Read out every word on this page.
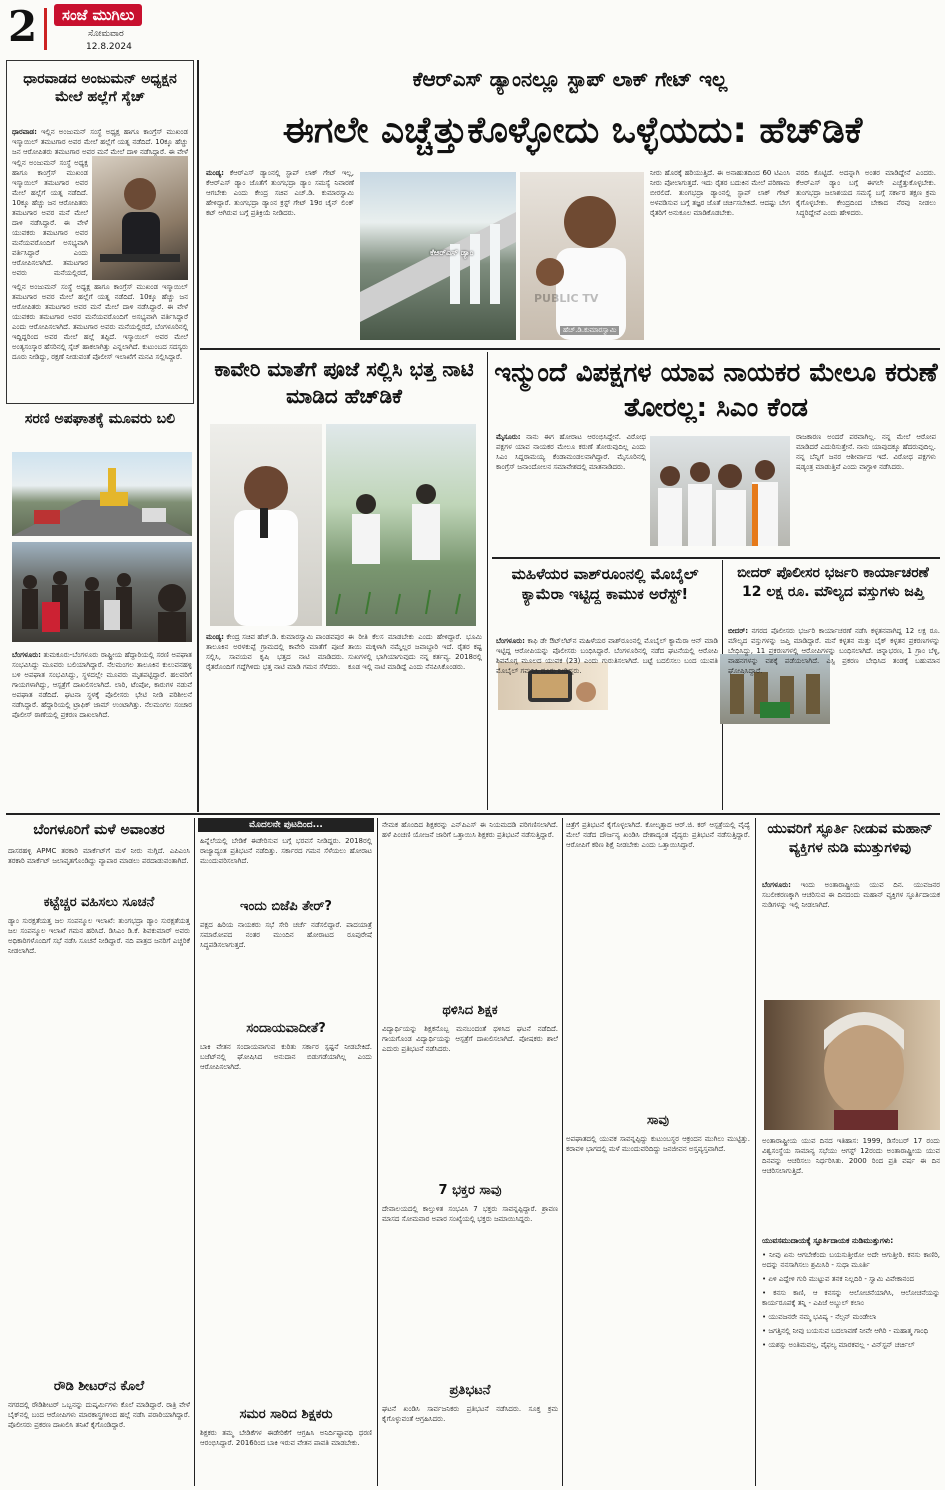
2	ಸಂಜೆ ಮುಗಿಲು
ಸೋಮವಾರ
12.8.2024
ಧಾರವಾಡದ ಅಂಜುಮನ್ ಅಧ್ಯಕ್ಷನ ಮೇಲೆ ಹಲ್ಲೆಗೆ ಸ್ಕೆಚ್
ಧಾರವಾಡ: ಇಲ್ಲಿನ ಅಂಜುಮನ್ ಸಂಸ್ಥೆ ಅಧ್ಯಕ್ಷ ಹಾಗೂ ಕಾಂಗ್ರೆಸ್ ಮುಖಂಡ ಇಸ್ಮಾಯಿಲ್ ತಮಟಗಾರ ಅವರ ಮೇಲೆ ಹಲ್ಲೆಗೆ ಯತ್ನ ನಡೆದಿದೆ. 10ಕ್ಕೂ ಹೆಚ್ಚು ಜನ ಆರೋಪಿತರು ತಮಟಗಾರ ಅವರ ಮನೆ ಮೇಲೆ ದಾಳಿ ನಡೆಸಿದ್ದಾರೆ. ಈ ವೇಳೆ
ಇಲ್ಲಿನ ಅಂಜುಮನ್ ಸಂಸ್ಥೆ ಅಧ್ಯಕ್ಷ ಹಾಗೂ ಕಾಂಗ್ರೆಸ್ ಮುಖಂಡ ಇಸ್ಮಾಯಿಲ್ ತಮಟಗಾರ ಅವರ ಮೇಲೆ ಹಲ್ಲೆಗೆ ಯತ್ನ ನಡೆದಿದೆ. 10ಕ್ಕೂ ಹೆಚ್ಚು ಜನ ಆರೋಪಿತರು ತಮಟಗಾರ ಅವರ ಮನೆ ಮೇಲೆ ದಾಳಿ ನಡೆಸಿದ್ದಾರೆ. ಈ ವೇಳೆ ಯುವಕರು ತಮಟಗಾರ ಅವರ ಮನೆಯವರೊಂದಿಗೆ ಅಸಭ್ಯವಾಗಿ ವರ್ತಿಸಿದ್ದಾರೆ ಎಂದು ಆರೋಪಿಸಲಾಗಿದೆ. ತಮಟಗಾರ ಅವರು ಮನೆಯಲ್ಲಿರದೆ,
ಇಲ್ಲಿನ ಅಂಜುಮನ್ ಸಂಸ್ಥೆ ಅಧ್ಯಕ್ಷ ಹಾಗೂ ಕಾಂಗ್ರೆಸ್ ಮುಖಂಡ ಇಸ್ಮಾಯಿಲ್ ತಮಟಗಾರ ಅವರ ಮೇಲೆ ಹಲ್ಲೆಗೆ ಯತ್ನ ನಡೆದಿದೆ. 10ಕ್ಕೂ ಹೆಚ್ಚು ಜನ ಆರೋಪಿತರು ತಮಟಗಾರ ಅವರ ಮನೆ ಮೇಲೆ ದಾಳಿ ನಡೆಸಿದ್ದಾರೆ. ಈ ವೇಳೆ ಯುವಕರು ತಮಟಗಾರ ಅವರ ಮನೆಯವರೊಂದಿಗೆ ಅಸಭ್ಯವಾಗಿ ವರ್ತಿಸಿದ್ದಾರೆ ಎಂದು ಆರೋಪಿಸಲಾಗಿದೆ. ತಮಟಗಾರ ಅವರು ಮನೆಯಲ್ಲಿರದೆ, ಬೆಂಗಳೂರಿನಲ್ಲಿ ಇದ್ದಿದ್ದರಿಂದ ಅವರ ಮೇಲೆ ಹಲ್ಲೆ ತಪ್ಪಿದೆ. ಇಸ್ಮಾಯಿಲ್ ಅವರ ಮೇಲೆ ಅಂತ್ಯಸಂಸ್ಕಾರ ಹೆಸರಿನಲ್ಲಿ ಸ್ಕೆಚ್ ಹಾಕಲಾಗಿತ್ತು ಎನ್ನಲಾಗಿದೆ. ಕುಟುಂಬದ ಸದಸ್ಯರು ದೂರು ನೀಡಿದ್ದು, ರಕ್ಷಣೆ ನೀಡುವಂತೆ ಪೊಲೀಸ್ ಇಲಾಖೆಗೆ ಮನವಿ ಸಲ್ಲಿಸಿದ್ದಾರೆ.
ಸರಣಿ ಅಪಘಾತಕ್ಕೆ ಮೂವರು ಬಲಿ
ಬೆಂಗಳೂರು: ತುಮಕೂರು-ಬೆಂಗಳೂರು ರಾಷ್ಟ್ರೀಯ ಹೆದ್ದಾರಿಯಲ್ಲಿ ಸರಣಿ ಅಪಘಾತ ಸಂಭವಿಸಿದ್ದು ಮೂವರು ಬಲಿಯಾಗಿದ್ದಾರೆ. ನೆಲಮಂಗಲ ತಾಲೂಕಿನ ಕುಲುವನಹಳ್ಳಿ ಬಳಿ ಅಪಘಾತ ಸಂಭವಿಸಿದ್ದು, ಸ್ಥಳದಲ್ಲೇ ಮೂವರು ಮೃತಪಟ್ಟಿದ್ದಾರೆ. ಹಲವರಿಗೆ ಗಾಯಗಳಾಗಿದ್ದು, ಆಸ್ಪತ್ರೆಗೆ ದಾಖಲಿಸಲಾಗಿದೆ. ಲಾರಿ, ಟೆಂಪೋ, ಕಾರುಗಳ ನಡುವೆ ಅಪಘಾತ ನಡೆದಿದೆ. ಘಟನಾ ಸ್ಥಳಕ್ಕೆ ಪೊಲೀಸರು ಭೇಟಿ ನೀಡಿ ಪರಿಶೀಲನೆ ನಡೆಸಿದ್ದಾರೆ. ಹೆದ್ದಾರಿಯಲ್ಲಿ ಟ್ರಾಫಿಕ್ ಜಾಮ್ ಉಂಟಾಗಿತ್ತು. ನೆಲಮಂಗಲ ಸಂಚಾರ ಪೊಲೀಸ್ ಠಾಣೆಯಲ್ಲಿ ಪ್ರಕರಣ ದಾಖಲಾಗಿದೆ.
ಕೆಆರ್‌ಎಸ್ ಡ್ಯಾಂನಲ್ಲೂ ಸ್ಟಾಪ್ ಲಾಕ್ ಗೇಟ್ ಇಲ್ಲ
ಈಗಲೇ ಎಚ್ಚೆತ್ತುಕೊಳ್ಳೋದು ಒಳ್ಳೆಯದು: ಹೆಚ್‌ಡಿಕೆ
ಮಂಡ್ಯ: ಕೆಆರ್‌ಎಸ್ ಡ್ಯಾಂನಲ್ಲಿ ಸ್ಟಾಪ್ ಲಾಕ್ ಗೇಟ್ ಇಲ್ಲ, ಕೆಆರ್‌ಎಸ್ ಡ್ಯಾಂ ಜೊತೆಗೆ ತುಂಗಭದ್ರಾ ಡ್ಯಾಂ ಸಮಸ್ಯೆ ನಿವಾರಣೆ ಆಗಬೇಕು ಎಂದು ಕೇಂದ್ರ ಸಚಿವ ಎಚ್.ಡಿ. ಕುಮಾರಸ್ವಾಮಿ ಹೇಳಿದ್ದಾರೆ. ತುಂಗಭದ್ರಾ ಡ್ಯಾಂನ ಕ್ರಸ್ಟ್ ಗೇಟ್ 19ರ ಚೈನ್ ಲಿಂಕ್ ಕಟ್ ಆಗಿರುವ ಬಗ್ಗೆ ಪ್ರತಿಕ್ರಿಯೆ ನೀಡಿದರು.
ಕೆಆರ್‌ಎಸ್ ಡ್ಯಾಂ
PUBLIC TV
ಹೆಚ್.ಡಿ.ಕುಮಾರಸ್ವಾಮಿ
ನೀರು ಹೊರಕ್ಕೆ ಹರಿಯುತ್ತಿದೆ. ಈ ಅನಾಹುತದಿಂದ 60 ಟಿಎಂಸಿ ನೀರು ಪೋಲಾಗುತ್ತದೆ. ಇದು ರೈತರ ಬದುಕಿನ ಮೇಲೆ ಪರಿಣಾಮ ಬೀರಲಿದೆ. ತುಂಗಭದ್ರಾ ಡ್ಯಾಂನಲ್ಲಿ ಸ್ಟಾಪ್ ಲಾಕ್ ಗೇಟ್ ಅಳವಡಿಸುವ ಬಗ್ಗೆ ತಜ್ಞರ ಜೊತೆ ಚರ್ಚಿಸಬೇಕಿದೆ. ಆದಷ್ಟು ಬೇಗ ರೈತರಿಗೆ ಅನುಕೂಲ ಮಾಡಿಕೊಡಬೇಕು.
ವರದಿ ಕೊಟ್ಟಿದೆ. ಅದನ್ನಾಗಿ ಅಂತರ ಮಾಡಿದ್ದೇನೆ ಎಂದರು. ಕೆಆರ್‌ಎಸ್ ಡ್ಯಾಂ ಬಗ್ಗೆ ಈಗಲೇ ಎಚ್ಚೆತ್ತುಕೊಳ್ಳಬೇಕು. ತುಂಗಭದ್ರಾ ಜಲಾಶಯದ ಸಮಸ್ಯೆ ಬಗ್ಗೆ ಸರ್ಕಾರ ತಕ್ಷಣ ಕ್ರಮ ಕೈಗೊಳ್ಳಬೇಕು. ಕೇಂದ್ರದಿಂದ ಬೇಕಾದ ನೆರವು ನೀಡಲು ಸಿದ್ಧರಿದ್ದೇವೆ ಎಂದು ಹೇಳಿದರು.
ಕಾವೇರಿ ಮಾತೆಗೆ ಪೂಜೆ ಸಲ್ಲಿಸಿ ಭತ್ತ ನಾಟಿ ಮಾಡಿದ ಹೆಚ್‌ಡಿಕೆ
ಮಂಡ್ಯ: ಕೇಂದ್ರ ಸಚಿವ ಹೆಚ್.ಡಿ. ಕುಮಾರಸ್ವಾಮಿ ಪಾಂಡವಪುರ ತಾಲೂಕಿನ ಅರಳಕುಪ್ಪೆ ಗ್ರಾಮದಲ್ಲಿ ಕಾವೇರಿ ಮಾತೆಗೆ ಪೂಜೆ ಸಲ್ಲಿಸಿ, ಸಾವಯವ ಕೃಷಿ ಭತ್ತದ ನಾಟಿ ಮಾಡಿದರು. ರೈತರೊಂದಿಗೆ ಗದ್ದೆಗಿಳಿದು ಭತ್ತ ನಾಟಿ ಮಾಡಿ ಗಮನ ಸೆಳೆದರು.
ಈ ರೀತಿ ಕೆಲಸ ಮಾಡಬೇಕು ಎಂದು ಹೇಳಿದ್ದಾರೆ. ಭೂಮಿ ತಾಯಿ ಮಕ್ಕಳಾಗಿ ನಮ್ಮೆಲ್ಲರ ಜವಾಬ್ದಾರಿ ಇದೆ. ರೈತರ ಕಷ್ಟ ಸುಖಗಳಲ್ಲಿ ಭಾಗಿಯಾಗುವುದು ನನ್ನ ಕರ್ತವ್ಯ. 2018ರಲ್ಲಿ ಕೂಡ ಇಲ್ಲಿ ನಾಟಿ ಮಾಡಿದ್ದೆ ಎಂದು ನೆನಪಿಸಿಕೊಂಡರು.
ಇನ್ಮುಂದೆ ವಿಪಕ್ಷಗಳ ಯಾವ ನಾಯಕರ ಮೇಲೂ ಕರುಣೆ ತೋರಲ್ಲ: ಸಿಎಂ ಕೆಂಡ
ಮೈಸೂರು: ನಾನು ಈಗ ಹೋರಾಟ ಆರಂಭಿಸಿದ್ದೇನೆ. ವಿರೋಧ ಪಕ್ಷಗಳ ಯಾವ ನಾಯಕರ ಮೇಲೂ ಕರುಣೆ ತೋರುವುದಿಲ್ಲ ಎಂದು ಸಿಎಂ ಸಿದ್ದರಾಮಯ್ಯ ಕೆಂಡಾಮಂಡಲವಾಗಿದ್ದಾರೆ. ಮೈಸೂರಿನಲ್ಲಿ ಕಾಂಗ್ರೆಸ್ ಜನಾಂದೋಲನ ಸಮಾವೇಶದಲ್ಲಿ ಮಾತನಾಡಿದರು.
ರಾಜಕಾರಣ ಅಂದರೆ ಪರವಾಗಿಲ್ಲ. ನನ್ನ ಮೇಲೆ ಆರೋಪ ಮಾಡಿದರೆ ಎದುರಿಸುತ್ತೇನೆ. ನಾನು ಯಾವುದಕ್ಕೂ ಹೆದರುವುದಿಲ್ಲ. ನನ್ನ ಬೆನ್ನಿಗೆ ಜನರ ಆಶೀರ್ವಾದ ಇದೆ. ವಿರೋಧ ಪಕ್ಷಗಳು ಷಡ್ಯಂತ್ರ ಮಾಡುತ್ತಿವೆ ಎಂದು ವಾಗ್ದಾಳಿ ನಡೆಸಿದರು.
ಮಹಿಳೆಯರ ವಾಶ್‌ರೂಂನಲ್ಲಿ ಮೊಬೈಲ್ ಕ್ಯಾಮೆರಾ ಇಟ್ಟಿದ್ದ ಕಾಮುಕ ಅರೆಸ್ಟ್!
ಬೆಂಗಳೂರು: ಕಾಫಿ ಡೇ ಔಟ್‌ಲೆಟ್‌ನ ಮಹಿಳೆಯರ ವಾಶ್‌ರೂಂನಲ್ಲಿ ಮೊಬೈಲ್ ಕ್ಯಾಮೆರಾ ಆನ್ ಮಾಡಿ ಇಟ್ಟಿದ್ದ ಆರೋಪಿಯನ್ನು ಪೊಲೀಸರು ಬಂಧಿಸಿದ್ದಾರೆ. ಬೆಂಗಳೂರಿನಲ್ಲಿ ನಡೆದ ಘಟನೆಯಲ್ಲಿ ಆರೋಪಿ ಶಿವಮೊಗ್ಗ ಮೂಲದ ಯುವಕ (23) ಎಂದು ಗುರುತಿಸಲಾಗಿದೆ. ಬಟ್ಟೆ ಬದಲಿಸಲು ಬಂದ ಯುವತಿ ಮೊಬೈಲ್ ಗಮನಿಸಿ ದೂರು ನೀಡಿದ್ದರು.
ಬೀದರ್ ಪೊಲೀಸರ ಭರ್ಜರಿ ಕಾರ್ಯಾಚರಣೆ 12 ಲಕ್ಷ ರೂ. ಮೌಲ್ಯದ ವಸ್ತುಗಳು ಜಪ್ತಿ
ಬೀದರ್: ನಗರದ ಪೊಲೀಸರು ಭರ್ಜರಿ ಕಾರ್ಯಾಚರಣೆ ನಡೆಸಿ ಕಳ್ಳತನವಾಗಿದ್ದ 12 ಲಕ್ಷ ರೂ. ಮೌಲ್ಯದ ವಸ್ತುಗಳನ್ನು ಜಪ್ತಿ ಮಾಡಿದ್ದಾರೆ. ಮನೆ ಕಳ್ಳತನ ಮತ್ತು ಬೈಕ್ ಕಳ್ಳತನ ಪ್ರಕರಣಗಳನ್ನು ಬೇಧಿಸಿದ್ದು, 11 ಪ್ರಕರಣಗಳಲ್ಲಿ ಆರೋಪಿಗಳನ್ನು ಬಂಧಿಸಲಾಗಿದೆ. ಚಿನ್ನಾಭರಣ, 1 ಗ್ರಾಂ ಬೆಳ್ಳಿ, ವಾಹನಗಳನ್ನು ವಶಕ್ಕೆ ಪಡೆಯಲಾಗಿದೆ. ಎಸ್ಪಿ ಪ್ರಕರಣ ಬೇಧಿಸಿದ ತಂಡಕ್ಕೆ ಬಹುಮಾನ ಘೋಷಿಸಿದ್ದಾರೆ.
ಬೆಂಗಳೂರಿಗೆ ಮಳೆ ಅವಾಂತರ
ದಾಸರಹಳ್ಳಿ APMC ತರಕಾರಿ ಮಾರ್ಕೆಟ್‌ಗೆ ಮಳೆ ನೀರು ನುಗ್ಗಿದೆ. ಎಪಿಎಂಸಿ ತರಕಾರಿ ಮಾರ್ಕೆಟ್ ಜಲಾವೃತಗೊಂಡಿದ್ದು ವ್ಯಾಪಾರ ಮಾಡಲು ಪರದಾಡುವಂತಾಗಿದೆ.
ಕಟ್ಟೆಚ್ಚರ ವಹಿಸಲು ಸೂಚನೆ
ಡ್ಯಾಂ ಸುರಕ್ಷತೆಯತ್ತ ಜಲ ಸಂಪನ್ಮೂಲ ಇಲಾಖೆ: ತುಂಗಭದ್ರಾ ಡ್ಯಾಂ ಸುರಕ್ಷತೆಯತ್ತ ಜಲ ಸಂಪನ್ಮೂಲ ಇಲಾಖೆ ಗಮನ ಹರಿಸಿದೆ. ಡಿಸಿಎಂ ಡಿ.ಕೆ. ಶಿವಕುಮಾರ್ ಅವರು ಅಧಿಕಾರಿಗಳೊಂದಿಗೆ ಸಭೆ ನಡೆಸಿ ಸೂಚನೆ ನೀಡಿದ್ದಾರೆ. ನದಿ ಪಾತ್ರದ ಜನರಿಗೆ ಎಚ್ಚರಿಕೆ ನೀಡಲಾಗಿದೆ.
ರೌಡಿ ಶೀಟರ್‌ನ ಕೊಲೆ
ನಗರದಲ್ಲಿ ರೌಡಿಶೀಟರ್ ಒಬ್ಬನನ್ನು ದುಷ್ಕರ್ಮಿಗಳು ಕೊಲೆ ಮಾಡಿದ್ದಾರೆ. ರಾತ್ರಿ ವೇಳೆ ಬೈಕ್‌ನಲ್ಲಿ ಬಂದ ಆರೋಪಿಗಳು ಮಾರಕಾಸ್ತ್ರಗಳಿಂದ ಹಲ್ಲೆ ನಡೆಸಿ ಪರಾರಿಯಾಗಿದ್ದಾರೆ. ಪೊಲೀಸರು ಪ್ರಕರಣ ದಾಖಲಿಸಿ ತನಿಖೆ ಕೈಗೊಂಡಿದ್ದಾರೆ.
ಮೊದಲನೇ ಪುಟದಿಂದ...
ಹಿನ್ನೆಲೆಯಲ್ಲಿ ಬೇಡಿಕೆ ಈಡೇರಿಸುವ ಬಗ್ಗೆ ಭರವಸೆ ನೀಡಿದ್ದರು. 2018ರಲ್ಲಿ ರಾಜ್ಯಾದ್ಯಂತ ಪ್ರತಿಭಟನೆ ನಡೆದಿತ್ತು. ಸರ್ಕಾರದ ಗಮನ ಸೆಳೆಯಲು ಹೋರಾಟ ಮುಂದುವರಿಸಲಾಗಿದೆ.
ಇಂದು ಬಿಜೆಪಿ ತೇರ್?
ಪಕ್ಷದ ಹಿರಿಯ ನಾಯಕರು ಸಭೆ ಸೇರಿ ಚರ್ಚೆ ನಡೆಸಲಿದ್ದಾರೆ. ಪಾದಯಾತ್ರೆ ಸಮಾರೋಪದ ನಂತರ ಮುಂದಿನ ಹೋರಾಟದ ರೂಪುರೇಷೆ ಸಿದ್ಧಪಡಿಸಲಾಗುತ್ತದೆ.
ಸಂದಾಯವಾದೀತೆ?
ಬಾಕಿ ವೇತನ ಸಂದಾಯವಾಗುವ ಕುರಿತು ಸರ್ಕಾರ ಸ್ಪಷ್ಟನೆ ನೀಡಬೇಕಿದೆ. ಬಜೆಟ್‌ನಲ್ಲಿ ಘೋಷಿಸಿದ ಅನುದಾನ ಬಿಡುಗಡೆಯಾಗಿಲ್ಲ ಎಂದು ಆರೋಪಿಸಲಾಗಿದೆ.
ಸಮರ ಸಾರಿದ ಶಿಕ್ಷಕರು
ಶಿಕ್ಷಕರು ತಮ್ಮ ಬೇಡಿಕೆಗಳ ಈಡೇರಿಕೆಗೆ ಆಗ್ರಹಿಸಿ ಅನಿರ್ದಿಷ್ಟಾವಧಿ ಧರಣಿ ಆರಂಭಿಸಿದ್ದಾರೆ. 2016ರಿಂದ ಬಾಕಿ ಇರುವ ವೇತನ ಪಾವತಿ ಮಾಡಬೇಕು.
ನೇಮಕ ಹೊಂದಿದ ಶಿಕ್ಷಕರನ್ನು ಎನ್‌ಪಿಎಸ್ ಈ ನಿಯಮದಡಿ ಪರಿಗಣಿಸಲಾಗಿದೆ. ಹಳೆ ಪಿಂಚಣಿ ಯೋಜನೆ ಜಾರಿಗೆ ಒತ್ತಾಯಿಸಿ ಶಿಕ್ಷಕರು ಪ್ರತಿಭಟನೆ ನಡೆಸುತ್ತಿದ್ದಾರೆ.
ಥಳಿಸಿದ ಶಿಕ್ಷಕ
ವಿದ್ಯಾರ್ಥಿಯನ್ನು ಶಿಕ್ಷಕನೊಬ್ಬ ಮನಬಂದಂತೆ ಥಳಿಸಿದ ಘಟನೆ ನಡೆದಿದೆ. ಗಾಯಗೊಂಡ ವಿದ್ಯಾರ್ಥಿಯನ್ನು ಆಸ್ಪತ್ರೆಗೆ ದಾಖಲಿಸಲಾಗಿದೆ. ಪೋಷಕರು ಶಾಲೆ ಎದುರು ಪ್ರತಿಭಟನೆ ನಡೆಸಿದರು.
7 ಭಕ್ತರ ಸಾವು
ದೇವಾಲಯದಲ್ಲಿ ಕಾಲ್ತುಳಿತ ಸಂಭವಿಸಿ 7 ಭಕ್ತರು ಸಾವನ್ನಪ್ಪಿದ್ದಾರೆ. ಶ್ರಾವಣ ಮಾಸದ ಸೋಮವಾರ ಅಪಾರ ಸಂಖ್ಯೆಯಲ್ಲಿ ಭಕ್ತರು ಜಮಾಯಿಸಿದ್ದರು.
ಪ್ರತಿಭಟನೆ
ಘಟನೆ ಖಂಡಿಸಿ ಸಾರ್ವಜನಿಕರು ಪ್ರತಿಭಟನೆ ನಡೆಸಿದರು. ಸೂಕ್ತ ಕ್ರಮ ಕೈಗೊಳ್ಳುವಂತೆ ಆಗ್ರಹಿಸಿದರು.
ಚಿತ್ರೆಗೆ ಪ್ರತಿಭಟನೆ ಕೈಗೊಳ್ಳಲಾಗಿದೆ. ಕೋಲ್ಕತ್ತಾದ ಆರ್.ಜಿ. ಕರ್ ಆಸ್ಪತ್ರೆಯಲ್ಲಿ ವೈದ್ಯೆ ಮೇಲೆ ನಡೆದ ದೌರ್ಜನ್ಯ ಖಂಡಿಸಿ ದೇಶಾದ್ಯಂತ ವೈದ್ಯರು ಪ್ರತಿಭಟನೆ ನಡೆಸುತ್ತಿದ್ದಾರೆ. ಆರೋಪಿಗೆ ಕಠಿಣ ಶಿಕ್ಷೆ ನೀಡಬೇಕು ಎಂದು ಒತ್ತಾಯಿಸಿದ್ದಾರೆ.
ಸಾವು
ಅಪಘಾತದಲ್ಲಿ ಯುವಕ ಸಾವನ್ನಪ್ಪಿದ್ದು ಕುಟುಂಬಸ್ಥರ ಆಕ್ರಂದನ ಮುಗಿಲು ಮುಟ್ಟಿತ್ತು. ಕರಾವಳಿ ಭಾಗದಲ್ಲಿ ಮಳೆ ಮುಂದುವರಿದಿದ್ದು ಜನಜೀವನ ಅಸ್ತವ್ಯಸ್ತವಾಗಿದೆ.
ಯುವರಿಗೆ ಸ್ಫೂರ್ತಿ ನೀಡುವ ಮಹಾನ್ ವ್ಯಕ್ತಿಗಳ ನುಡಿ ಮುತ್ತುಗಳಿವು
ಬೆಂಗಳೂರು: ಇಂದು ಅಂತಾರಾಷ್ಟ್ರೀಯ ಯುವ ದಿನ. ಯುವಜನರ ಸಬಲೀಕರಣಕ್ಕಾಗಿ ಆಚರಿಸುವ ಈ ದಿನದಂದು ಮಹಾನ್ ವ್ಯಕ್ತಿಗಳ ಸ್ಫೂರ್ತಿದಾಯಕ ನುಡಿಗಳನ್ನು ಇಲ್ಲಿ ನೀಡಲಾಗಿದೆ.
ಅಂತಾರಾಷ್ಟ್ರೀಯ ಯುವ ದಿನದ ಇತಿಹಾಸ: 1999, ಡಿಸೆಂಬರ್ 17 ರಂದು ವಿಶ್ವಸಂಸ್ಥೆಯ ಸಾಮಾನ್ಯ ಸಭೆಯು ಆಗಸ್ಟ್ 12ರಂದು ಅಂತಾರಾಷ್ಟ್ರೀಯ ಯುವ ದಿನವನ್ನು ಆಚರಿಸಲು ನಿರ್ಧರಿಸಿತು. 2000 ರಿಂದ ಪ್ರತಿ ವರ್ಷ ಈ ದಿನ ಆಚರಿಸಲಾಗುತ್ತಿದೆ.
ಯುವಸಮುದಾಯಕ್ಕೆ ಸ್ಫೂರ್ತಿದಾಯಕ ನುಡಿಮುತ್ತುಗಳು:
• ನೀವು ಏನು ಆಗಬೇಕೆಂದು ಬಯಸುತ್ತೀರೋ ಅದೇ ಆಗುತ್ತೀರಿ. ಕನಸು ಕಾಣಿರಿ, ಅದನ್ನು ನನಸಾಗಿಸಲು ಶ್ರಮಿಸಿರಿ - ಸುಧಾ ಮೂರ್ತಿ
• ಏಳಿ ಎದ್ದೇಳಿ ಗುರಿ ಮುಟ್ಟುವ ತನಕ ನಿಲ್ಲದಿರಿ - ಸ್ವಾಮಿ ವಿವೇಕಾನಂದ
• ಕನಸು ಕಾಣಿ, ಆ ಕನಸನ್ನು ಆಲೋಚನೆಯಾಗಿಸಿ, ಆಲೋಚನೆಯನ್ನು ಕಾರ್ಯರೂಪಕ್ಕೆ ತನ್ನಿ - ಎಪಿಜೆ ಅಬ್ದುಲ್ ಕಲಾಂ
• ಯುವಜನರೇ ನಮ್ಮ ಭವಿಷ್ಯ - ನೆಲ್ಸನ್ ಮಂಡೇಲಾ
• ಜಗತ್ತಿನಲ್ಲಿ ನೀವು ಬಯಸುವ ಬದಲಾವಣೆ ನೀವೇ ಆಗಿರಿ - ಮಹಾತ್ಮ ಗಾಂಧಿ
• ಯಶಸ್ಸು ಅಂತಿಮವಲ್ಲ, ವೈಫಲ್ಯ ಮಾರಕವಲ್ಲ - ವಿನ್‌ಸ್ಟನ್ ಚರ್ಚಿಲ್
